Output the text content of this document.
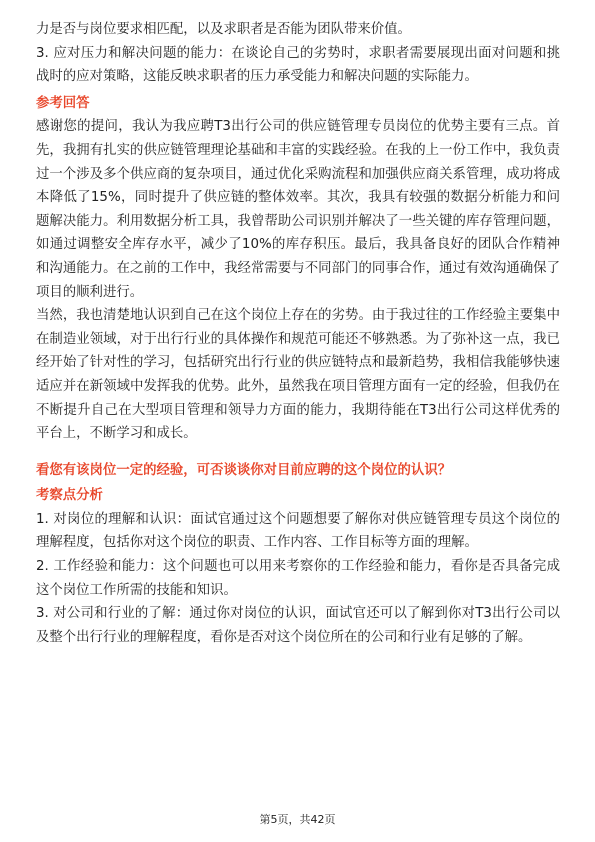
力是否与岗位要求相匹配，以及求职者是否能为团队带来价值。

3. 应对压力和解决问题的能力：在谈论自己的劣势时，求职者需要展现出面对问题和挑战时的应对策略，这能反映求职者的压力承受能力和解决问题的实际能力。

参考回答

感谢您的提问，我认为我应聘T3出行公司的供应链管理专员岗位的优势主要有三点。首先，我拥有扎实的供应链管理理论基础和丰富的实践经验。在我的上一份工作中，我负责过一个涉及多个供应商的复杂项目，通过优化采购流程和加强供应商关系管理，成功将成本降低了15%，同时提升了供应链的整体效率。其次，我具有较强的数据分析能力和问题解决能力。利用数据分析工具，我曾帮助公司识别并解决了一些关键的库存管理问题，如通过调整安全库存水平，减少了10%的库存积压。最后，我具备良好的团队合作精神和沟通能力。在之前的工作中，我经常需要与不同部门的同事合作，通过有效沟通确保了项目的顺利进行。

当然，我也清楚地认识到自己在这个岗位上存在的劣势。由于我过往的工作经验主要集中在制造业领域，对于出行行业的具体操作和规范可能还不够熟悉。为了弥补这一点，我已经开始了针对性的学习，包括研究出行行业的供应链特点和最新趋势，我相信我能够快速适应并在新领域中发挥我的优势。此外，虽然我在项目管理方面有一定的经验，但我仍在不断提升自己在大型项目管理和领导力方面的能力，我期待能在T3出行公司这样优秀的平台上，不断学习和成长。

看您有该岗位一定的经验，可否谈谈你对目前应聘的这个岗位的认识？
考察点分析

1. 对岗位的理解和认识：面试官通过这个问题想要了解你对供应链管理专员这个岗位的理解程度，包括你对这个岗位的职责、工作内容、工作目标等方面的理解。

2. 工作经验和能力：这个问题也可以用来考察你的工作经验和能力，看你是否具备完成这个岗位工作所需的技能和知识。

3. 对公司和行业的了解：通过你对岗位的认识，面试官还可以了解到你对T3出行公司以及整个出行行业的理解程度，看你是否对这个岗位所在的公司和行业有足够的了解。

第5页，共42页
